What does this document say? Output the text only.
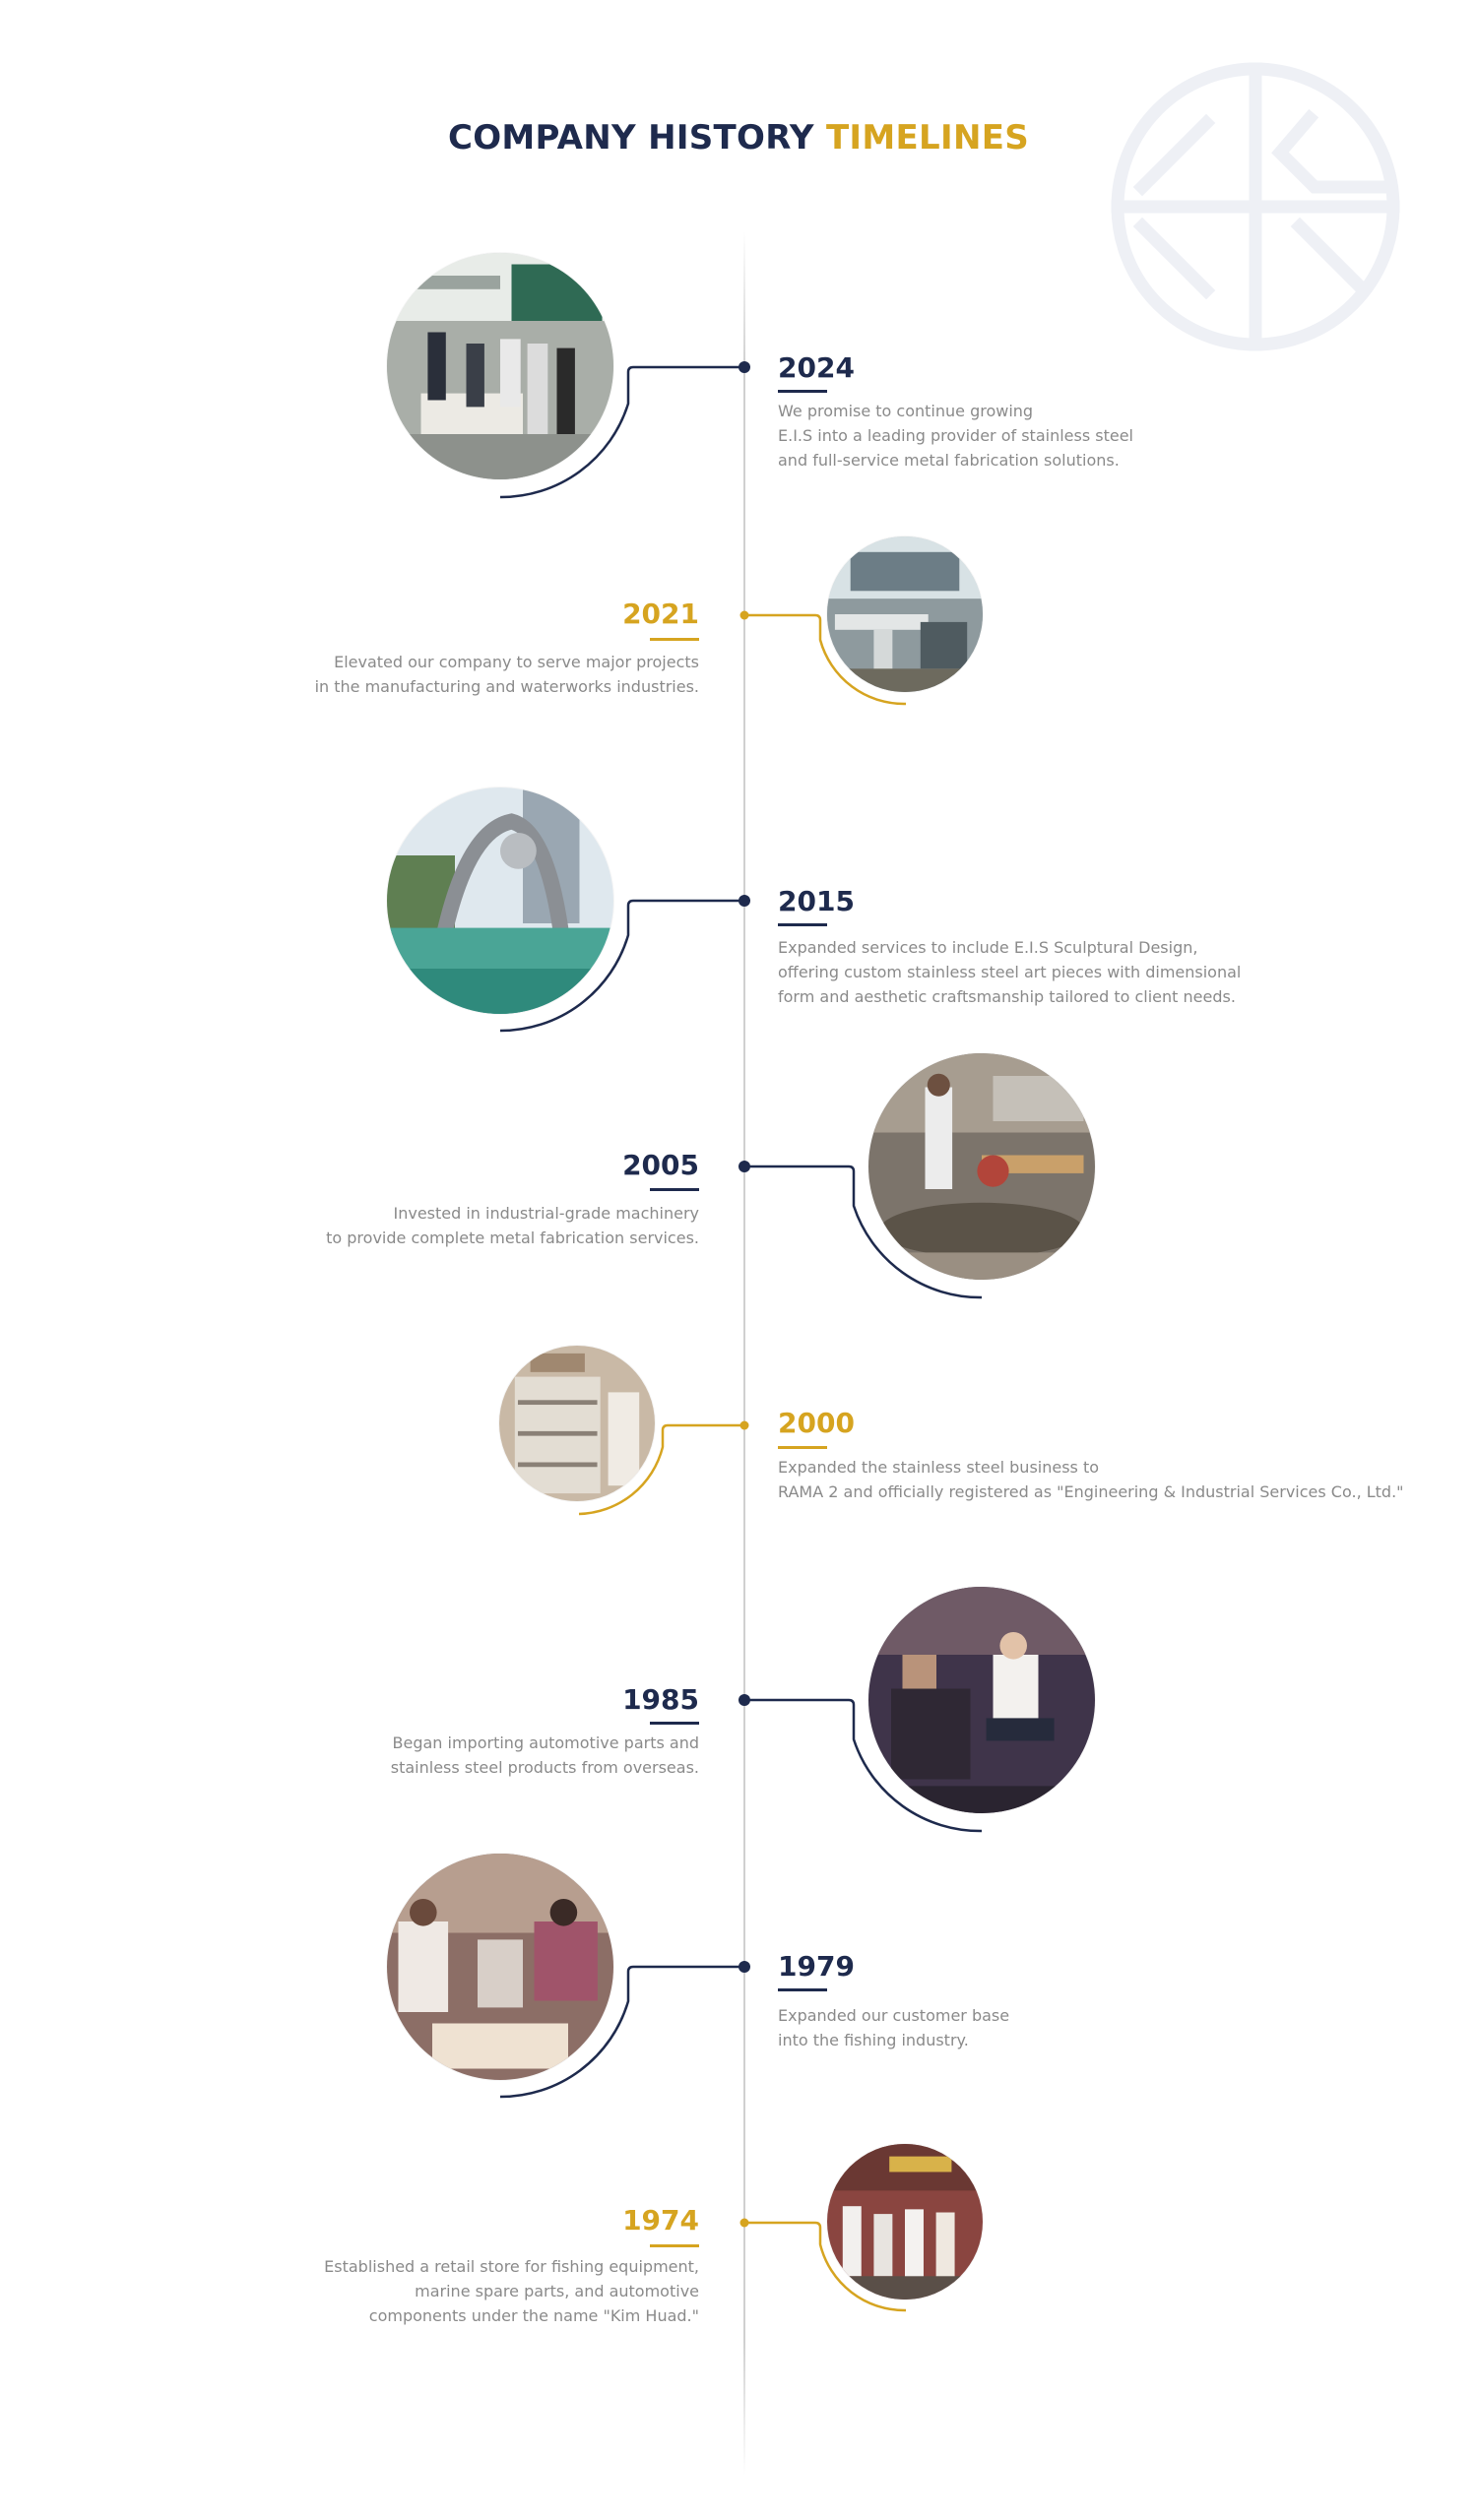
COMPANY HISTORY TIMELINES
2024

We promise to continue growing
E.I.S into a leading provider of stainless steel
and full-service metal fabrication solutions.

2021

Elevated our company to serve major projects
in the manufacturing and waterworks industries.

2015

Expanded services to include E.I.S Sculptural Design,
offering custom stainless steel art pieces with dimensional
form and aesthetic craftsmanship tailored to client needs.

2005

Invested in industrial-grade machinery
to provide complete metal fabrication services.

2000

Expanded the stainless steel business to
RAMA 2 and officially registered as "Engineering & Industrial Services Co., Ltd."

1985

Began importing automotive parts and
stainless steel products from overseas.

1979

Expanded our customer base
into the fishing industry.

1974

Established a retail store for fishing equipment,
marine spare parts, and automotive
components under the name "Kim Huad."
